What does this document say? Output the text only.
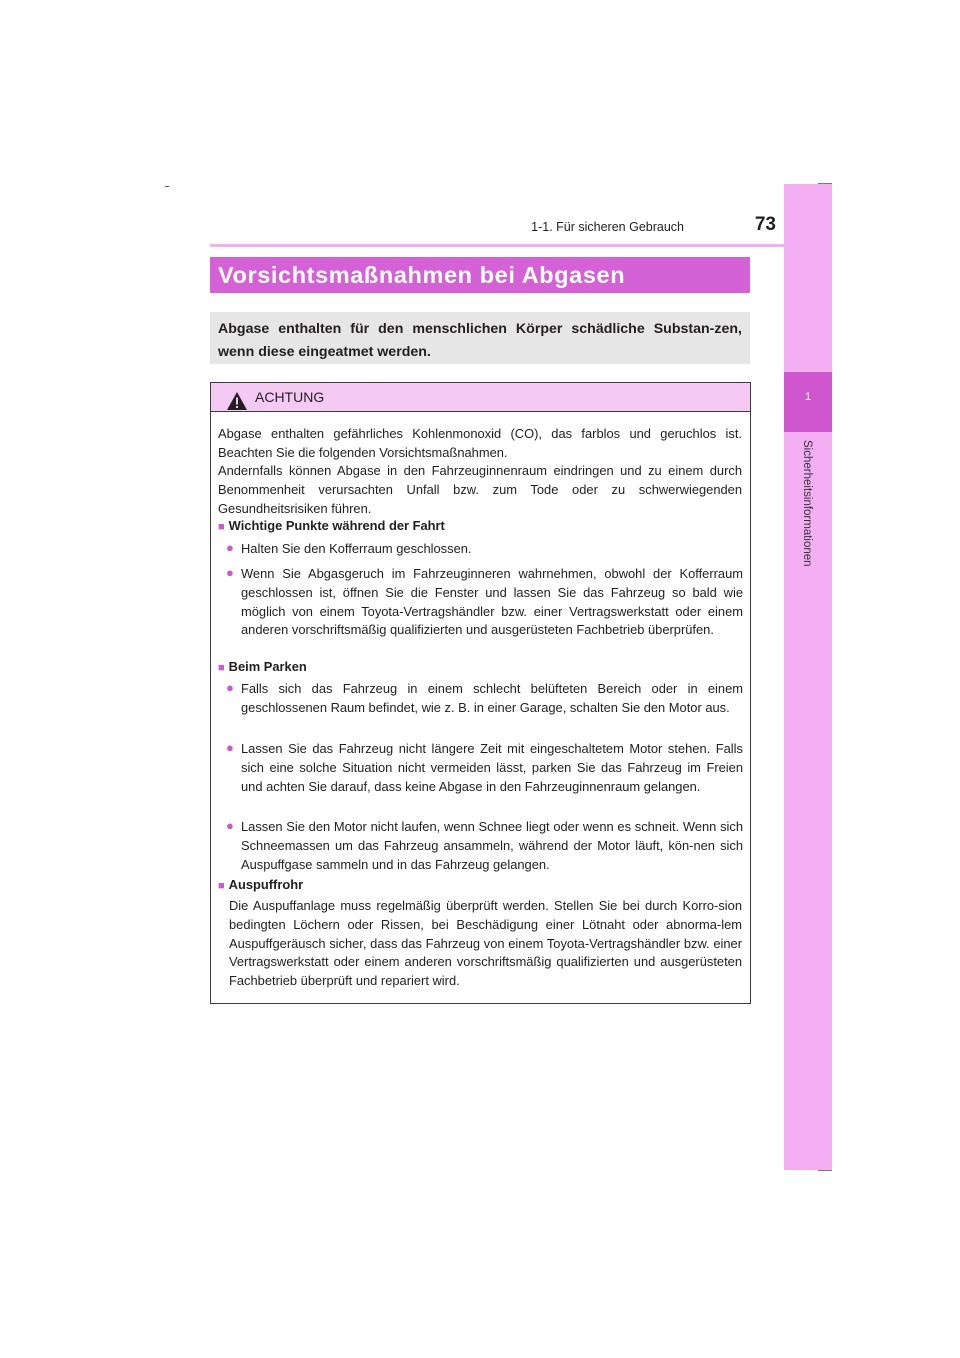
1-1. Für sicheren Gebrauch	73
1
Sicherheitsinformationen
Vorsichtsmaßnahmen bei Abgasen
Abgase enthalten für den menschlichen Körper schädliche Substan-zen, wenn diese eingeatmet werden.
ACHTUNG
Abgase enthalten gefährliches Kohlenmonoxid (CO), das farblos und geruchlos ist. Beachten Sie die folgenden Vorsichtsmaßnahmen.
Andernfalls können Abgase in den Fahrzeuginnenraum eindringen und zu einem durch Benommenheit verursachten Unfall bzw. zum Tode oder zu schwerwiegenden Gesundheitsrisiken führen.
■ Wichtige Punkte während der Fahrt
● Halten Sie den Kofferraum geschlossen.
● Wenn Sie Abgasgeruch im Fahrzeuginneren wahrnehmen, obwohl der Kofferraum geschlossen ist, öffnen Sie die Fenster und lassen Sie das Fahrzeug so bald wie möglich von einem Toyota-Vertragshändler bzw. einer Vertragswerkstatt oder einem anderen vorschriftsmäßig qualifizierten und ausgerüsteten Fachbetrieb überprüfen.
■ Beim Parken
● Falls sich das Fahrzeug in einem schlecht belüfteten Bereich oder in einem geschlossenen Raum befindet, wie z. B. in einer Garage, schalten Sie den Motor aus.
● Lassen Sie das Fahrzeug nicht längere Zeit mit eingeschaltetem Motor stehen. Falls sich eine solche Situation nicht vermeiden lässt, parken Sie das Fahrzeug im Freien und achten Sie darauf, dass keine Abgase in den Fahrzeuginnenraum gelangen.
● Lassen Sie den Motor nicht laufen, wenn Schnee liegt oder wenn es schneit. Wenn sich Schneemassen um das Fahrzeug ansammeln, während der Motor läuft, kön-nen sich Auspuffgase sammeln und in das Fahrzeug gelangen.
■ Auspuffrohr
Die Auspuffanlage muss regelmäßig überprüft werden. Stellen Sie bei durch Korro-sion bedingten Löchern oder Rissen, bei Beschädigung einer Lötnaht oder abnorma-lem Auspuffgeräusch sicher, dass das Fahrzeug von einem Toyota-Vertragshändler bzw. einer Vertragswerkstatt oder einem anderen vorschriftsmäßig qualifizierten und ausgerüsteten Fachbetrieb überprüft und repariert wird.
